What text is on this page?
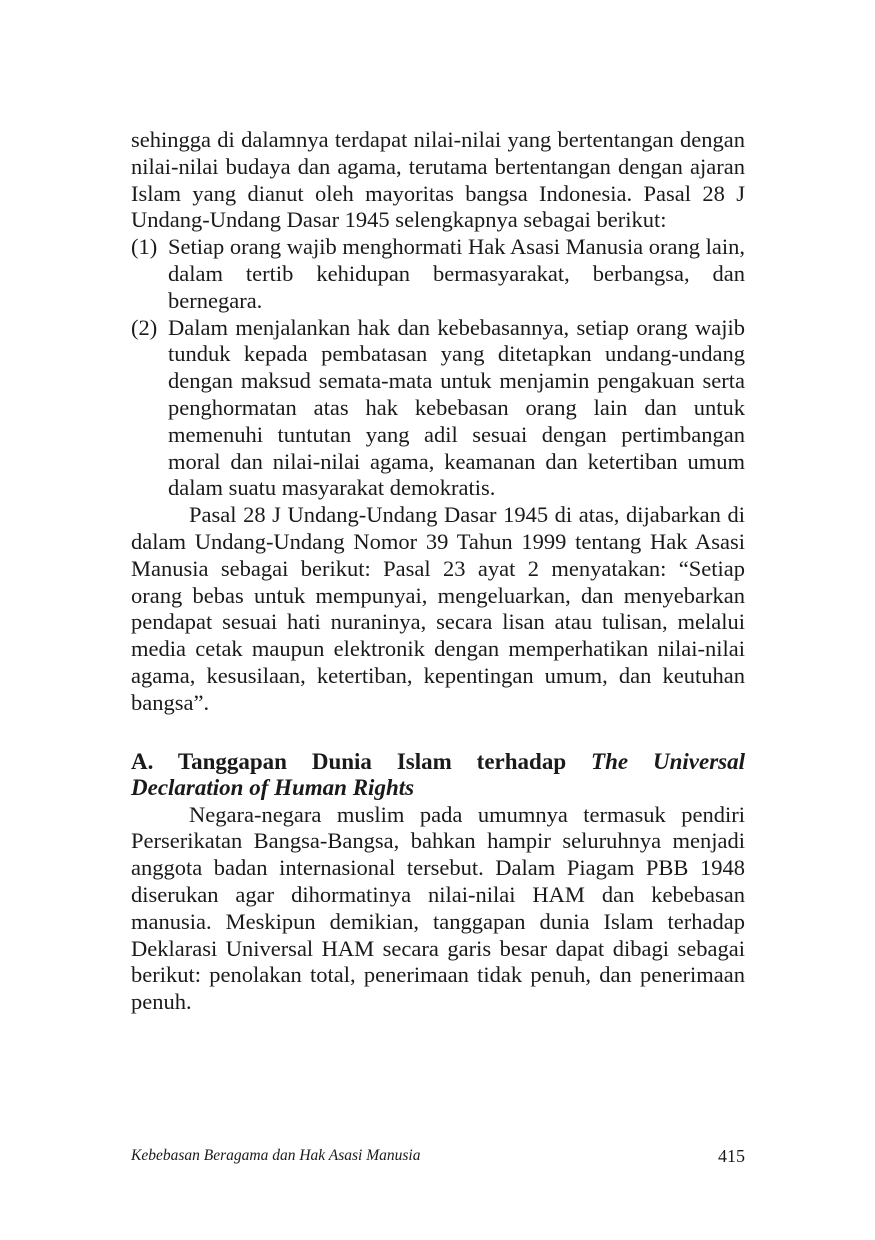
sehingga di dalamnya terdapat nilai-nilai yang bertentangan dengan nilai-nilai budaya dan agama, terutama bertentangan dengan ajaran Islam yang dianut oleh mayoritas bangsa Indonesia. Pasal 28 J Undang-Undang Dasar 1945 selengkapnya sebagai berikut:

(1) Setiap orang wajib menghormati Hak Asasi Manusia orang lain, dalam tertib kehidupan bermasyarakat, berbangsa, dan bernegara.
(2) Dalam menjalankan hak dan kebebasannya, setiap orang wajib tunduk kepada pembatasan yang ditetapkan undang-undang dengan maksud semata-mata untuk menjamin pengakuan serta penghormatan atas hak kebebasan orang lain dan untuk memenuhi tuntutan yang adil sesuai dengan pertimbangan moral dan nilai-nilai agama, keamanan dan ketertiban umum dalam suatu masyarakat demokratis.

Pasal 28 J Undang-Undang Dasar 1945 di atas, dijabarkan di dalam Undang-Undang Nomor 39 Tahun 1999 tentang Hak Asasi Manusia sebagai berikut: Pasal 23 ayat 2 menyatakan: “Setiap orang bebas untuk mempunyai, mengeluarkan, dan menyebarkan pendapat sesuai hati nuraninya, secara lisan atau tulisan, melalui media cetak maupun elektronik dengan memperhatikan nilai-nilai agama, kesusilaan, ketertiban, kepentingan umum, dan keutuhan bangsa”.

A. Tanggapan Dunia Islam terhadap The Universal Declaration of Human Rights

Negara-negara muslim pada umumnya termasuk pendiri Perserikatan Bangsa-Bangsa, bahkan hampir seluruhnya menjadi anggota badan internasional tersebut. Dalam Piagam PBB 1948 diserukan agar dihormatinya nilai-nilai HAM dan kebebasan manusia. Meskipun demikian, tanggapan dunia Islam terhadap Deklarasi Universal HAM secara garis besar dapat dibagi sebagai berikut: penolakan total, penerimaan tidak penuh, dan penerimaan penuh.

Kebebasan Beragama dan Hak Asasi Manusia	415
